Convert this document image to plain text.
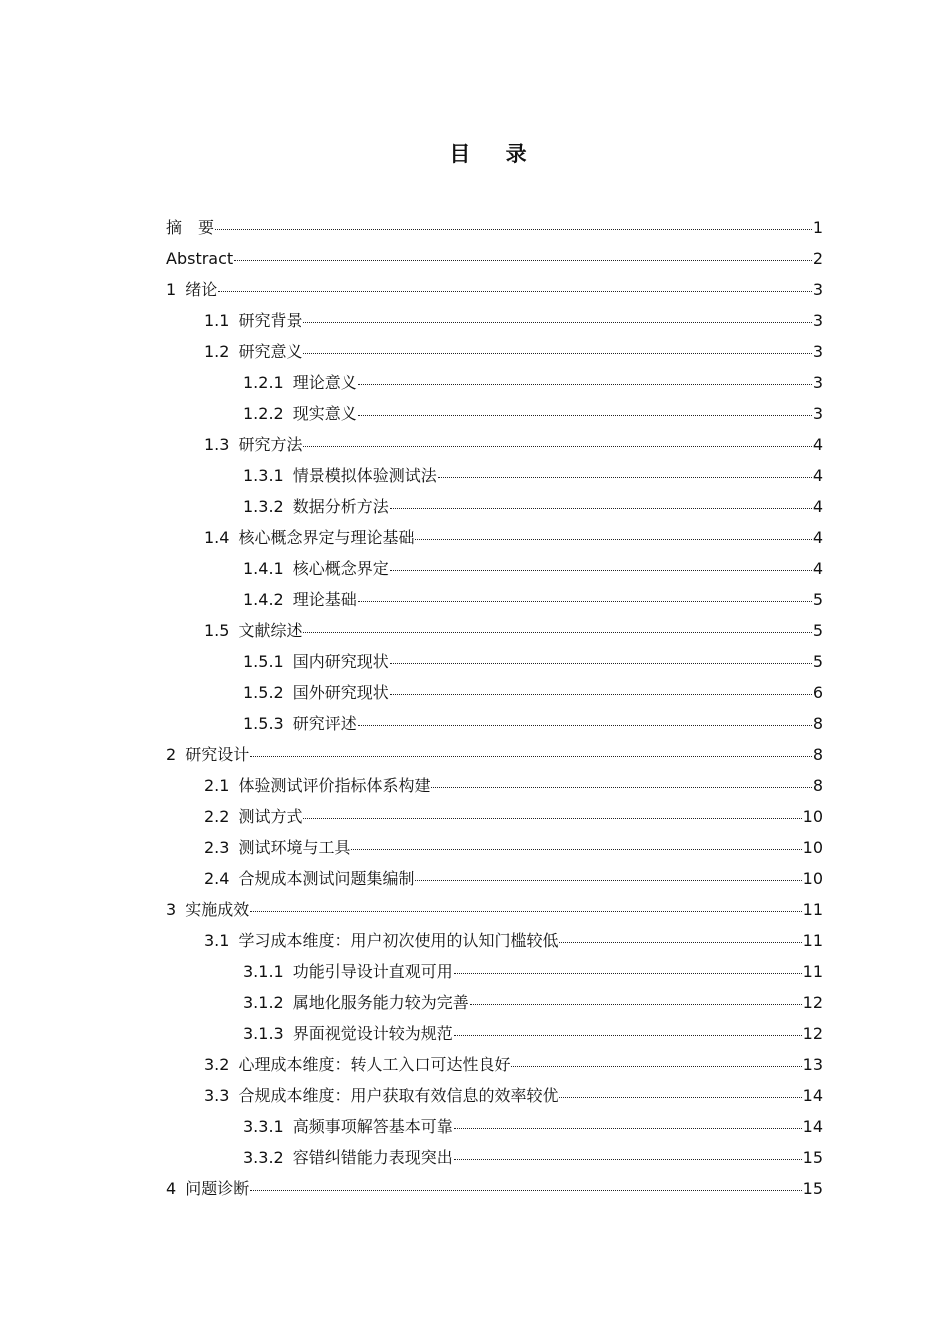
目 录
摘　要	1
Abstract	2
1 绪论	3
1.1 研究背景	3
1.2 研究意义	3
1.2.1 理论意义	3
1.2.2 现实意义	3
1.3 研究方法	4
1.3.1 情景模拟体验测试法	4
1.3.2 数据分析方法	4
1.4 核心概念界定与理论基础	4
1.4.1 核心概念界定	4
1.4.2 理论基础	5
1.5 文献综述	5
1.5.1 国内研究现状	5
1.5.2 国外研究现状	6
1.5.3 研究评述	8
2 研究设计	8
2.1 体验测试评价指标体系构建	8
2.2 测试方式	10
2.3 测试环境与工具	10
2.4 合规成本测试问题集编制	10
3 实施成效	11
3.1 学习成本维度：用户初次使用的认知门槛较低	11
3.1.1 功能引导设计直观可用	11
3.1.2 属地化服务能力较为完善	12
3.1.3 界面视觉设计较为规范	12
3.2 心理成本维度：转人工入口可达性良好	13
3.3 合规成本维度：用户获取有效信息的效率较优	14
3.3.1 高频事项解答基本可靠	14
3.3.2 容错纠错能力表现突出	15
4 问题诊断	15
